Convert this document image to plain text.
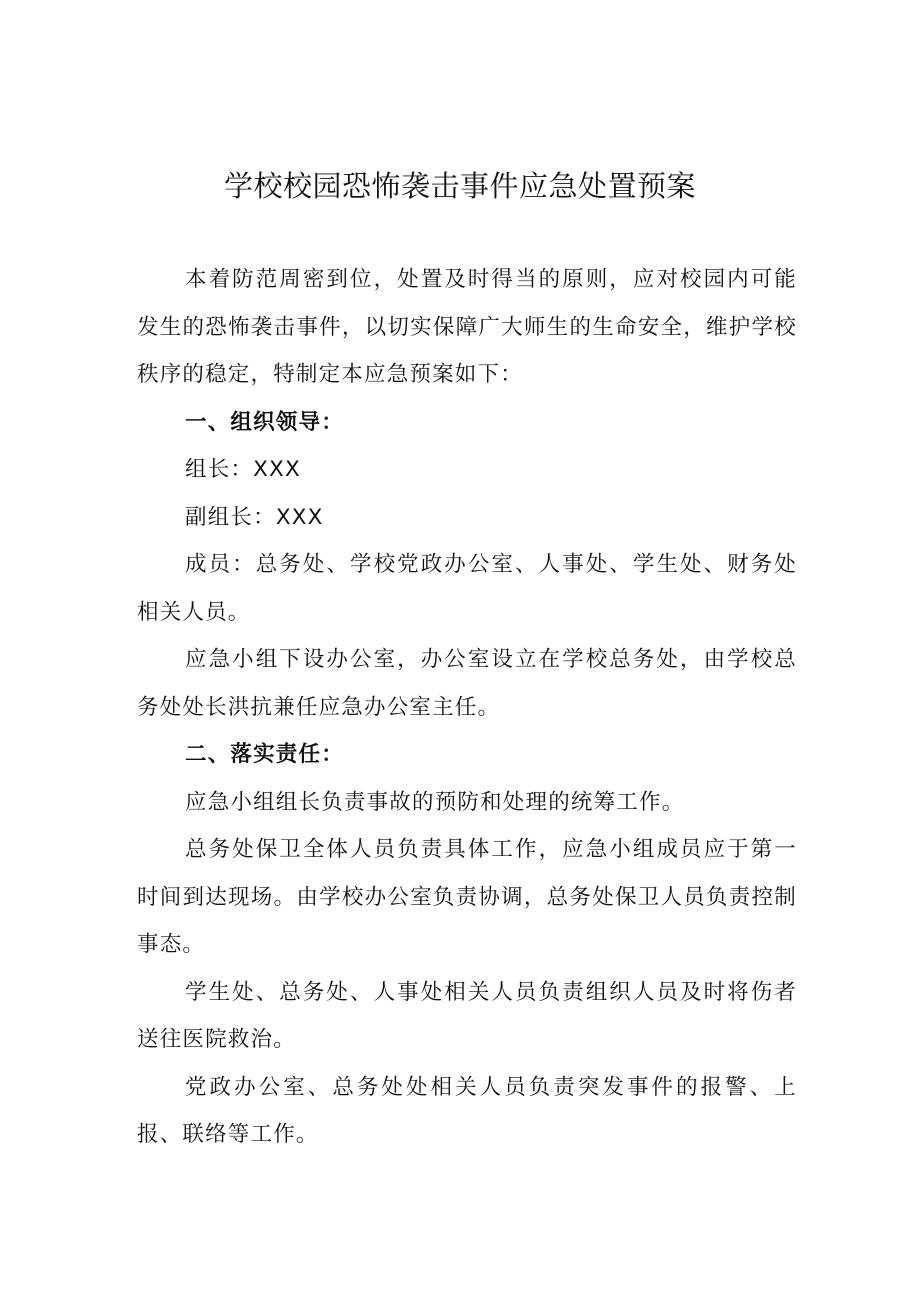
学校校园恐怖袭击事件应急处置预案

本着防范周密到位，处置及时得当的原则，应对校园内可能发生的恐怖袭击事件，以切实保障广大师生的生命安全，维护学校秩序的稳定，特制定本应急预案如下：

一、组织领导：

组长：XXX

副组长：XXX

成员：总务处、学校党政办公室、人事处、学生处、财务处相关人员。

应急小组下设办公室，办公室设立在学校总务处，由学校总务处处长洪抗兼任应急办公室主任。

二、落实责任：

应急小组组长负责事故的预防和处理的统筹工作。

总务处保卫全体人员负责具体工作，应急小组成员应于第一时间到达现场。由学校办公室负责协调，总务处保卫人员负责控制事态。

学生处、总务处、人事处相关人员负责组织人员及时将伤者送往医院救治。

党政办公室、总务处处相关人员负责突发事件的报警、上报、联络等工作。
